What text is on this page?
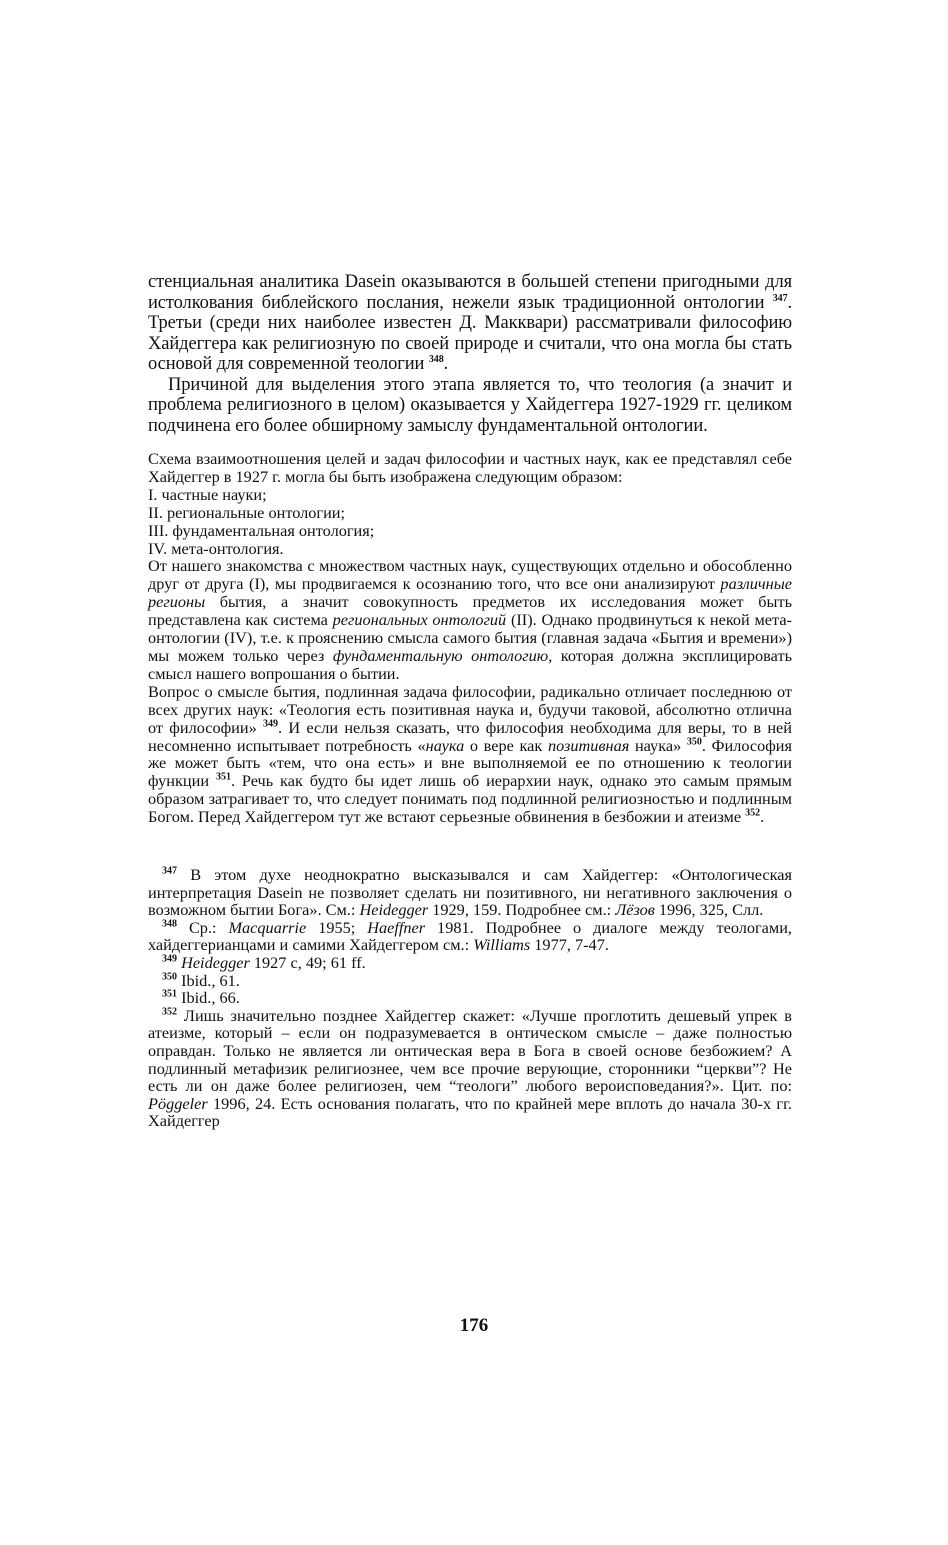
стенциальная аналитика Dasein оказываются в большей степени пригодными для истолкования библейского послания, нежели язык традиционной онтологии $^{347}$. Третьи (среди них наиболее известен Д. Макквари) рассматривали философию Хайдеггера как религиозную по своей природе и считали, что она могла бы стать основой для современной теологии $^{348}$.

Причиной для выделения этого этапа является то, что теология (а значит и проблема религиозного в целом) оказывается у Хайдеггера 1927-1929 гг. целиком подчинена его более обширному замыслу фундаментальной онтологии.

Схема взаимоотношения целей и задач философии и частных наук, как ее представлял себе Хайдеггер в 1927 г. могла бы быть изображена следующим образом:

I. частные науки;

II. региональные онтологии;

III. фундаментальная онтология;

IV. мета-онтология.

От нашего знакомства с множеством частных наук, существующих отдельно и обособленно друг от друга (I), мы продвигаемся к осознанию того, что все они анализируют различные регионы бытия, а значит совокупность предметов их исследования может быть представлена как система региональных онтологий (II). Однако продвинуться к некой мета-онтологии (IV), т.е. к прояснению смысла самого бытия (главная задача «Бытия и времени») мы можем только через фундаментальную онтологию, которая должна эксплицировать смысл нашего вопрошания о бытии.

Вопрос о смысле бытия, подлинная задача философии, радикально отличает последнюю от всех других наук: «Теология есть позитивная наука и, будучи таковой, абсолютно отлична от философии» $^{349}$. И если нельзя сказать, что философия необходима для веры, то в ней несомненно испытывает потребность «наука о вере как позитивная наука» $^{350}$. Философия же может быть «тем, что она есть» и вне выполняемой ее по отношению к теологии функции $^{351}$. Речь как будто бы идет лишь об иерархии наук, однако это самым прямым образом затрагивает то, что следует понимать под подлинной религиозностью и подлинным Богом. Перед Хайдеггером тут же встают серьезные обвинения в безбожии и атеизме $^{352}$.

$^{347}$ В этом духе неоднократно высказывался и сам Хайдеггер: «Онтологическая интерпретация Dasein не позволяет сделать ни позитивного, ни негативного заключения о возможном бытии Бога». См.: Heidegger 1929, 159. Подробнее см.: Лёзов 1996, 325, Слл.

$^{348}$ Ср.: Macquarrie 1955; Haeffner 1981. Подробнее о диалоге между теологами, хайдеггерианцами и самими Хайдеггером см.: Williams 1977, 7-47.

$^{349}$ Heidegger 1927 c, 49; 61 ff.

$^{350}$ Ibid., 61.

$^{351}$ Ibid., 66.

$^{352}$ Лишь значительно позднее Хайдеггер скажет: «Лучше проглотить дешевый упрек в атеизме, который – если он подразумевается в онтическом смысле – даже полностью оправдан. Только не является ли онтическая вера в Бога в своей основе безбожием? А подлинный метафизик религиознее, чем все прочие верующие, сторонники “церкви”? Не есть ли он даже более религиозен, чем “теологи” любого вероисповедания?». Цит. по: Pöggeler 1996, 24. Есть основания полагать, что по крайней мере вплоть до начала 30-х гг. Хайдеггер

176
